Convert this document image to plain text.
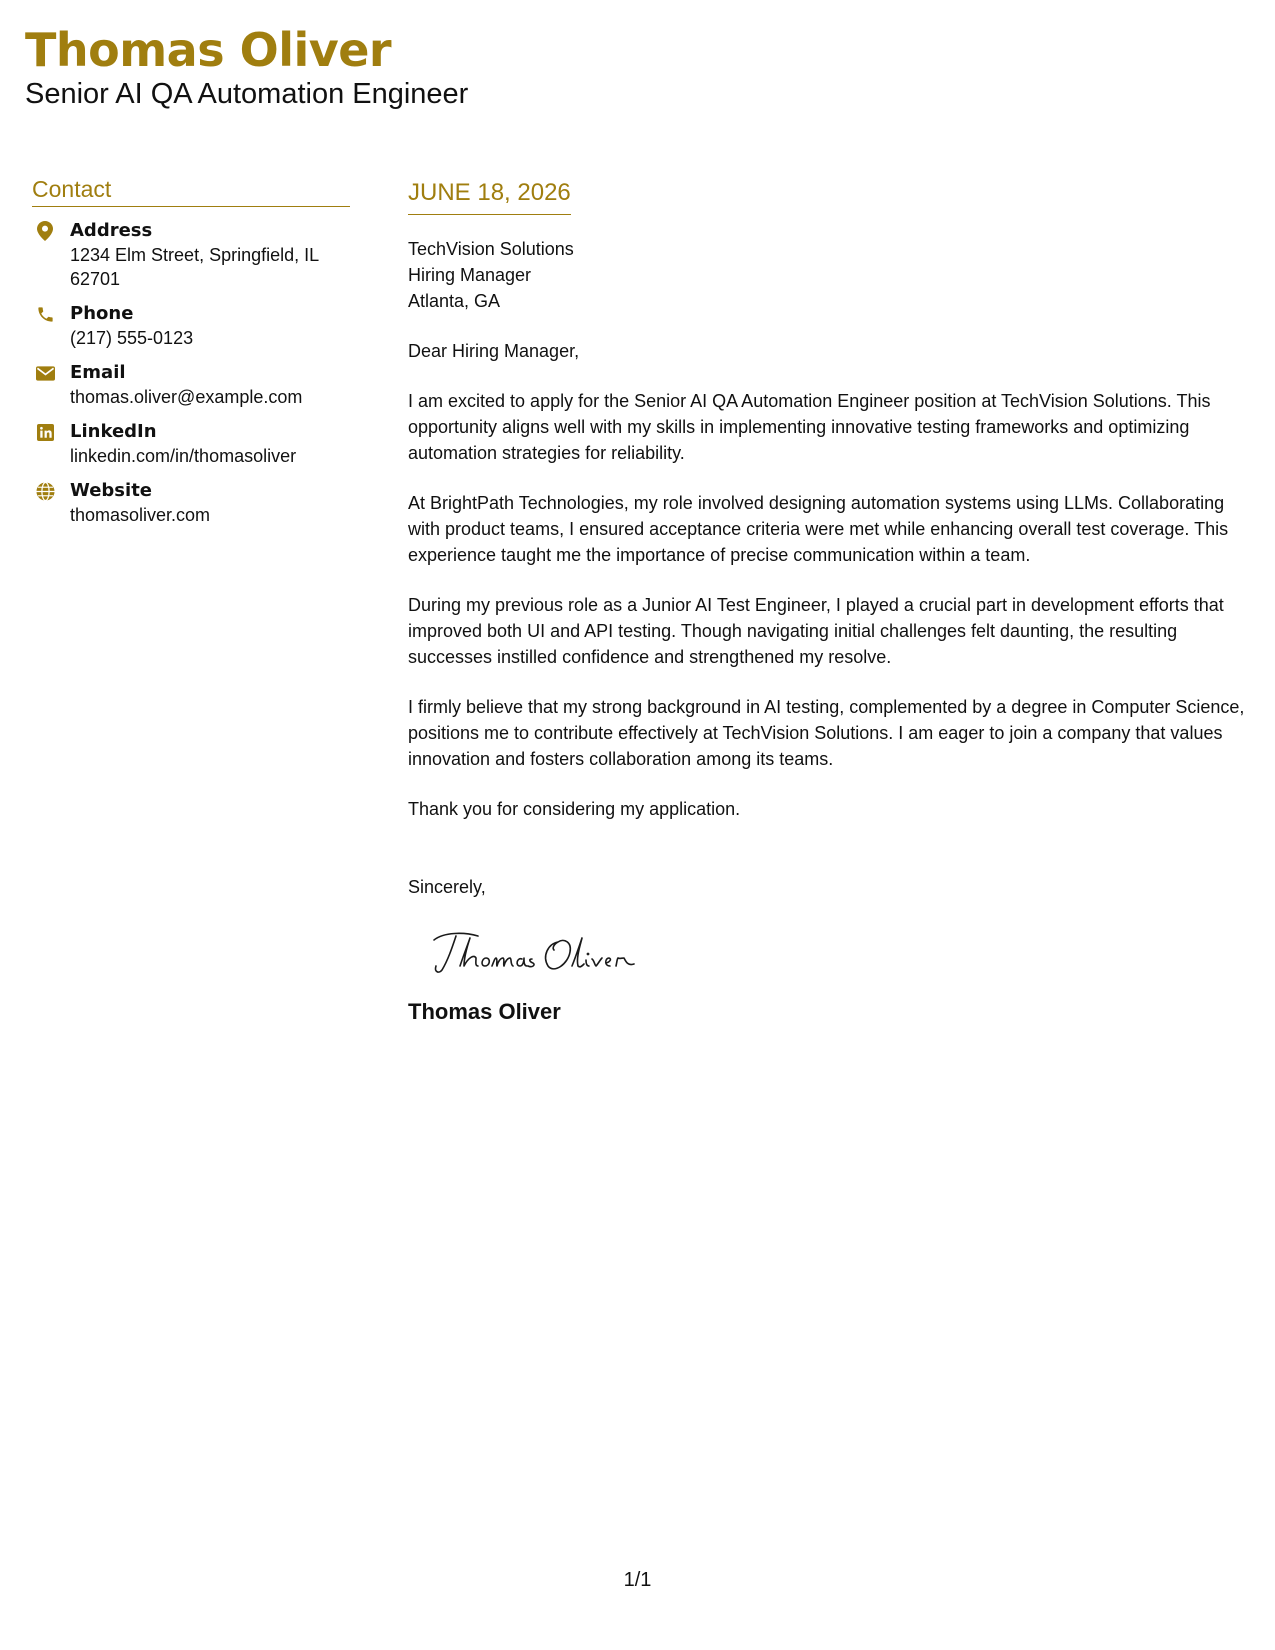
Thomas Oliver
Senior AI QA Automation Engineer
Contact
Address
1234 Elm Street, Springfield, IL 62701
Phone
(217) 555-0123
Email
thomas.oliver@example.com
LinkedIn
linkedin.com/in/thomasoliver
Website
thomasoliver.com
JUNE 18, 2026
TechVision Solutions
Hiring Manager
Atlanta, GA
Dear Hiring Manager,
I am excited to apply for the Senior AI QA Automation Engineer position at TechVision Solutions. This opportunity aligns well with my skills in implementing innovative testing frameworks and optimizing automation strategies for reliability.
At BrightPath Technologies, my role involved designing automation systems using LLMs. Collaborating with product teams, I ensured acceptance criteria were met while enhancing overall test coverage. This experience taught me the importance of precise communication within a team.
During my previous role as a Junior AI Test Engineer, I played a crucial part in development efforts that improved both UI and API testing. Though navigating initial challenges felt daunting, the resulting successes instilled confidence and strengthened my resolve.
I firmly believe that my strong background in AI testing, complemented by a degree in Computer Science, positions me to contribute effectively at TechVision Solutions. I am eager to join a company that values innovation and fosters collaboration among its teams.
Thank you for considering my application.
Sincerely,
Thomas Oliver
1/1
